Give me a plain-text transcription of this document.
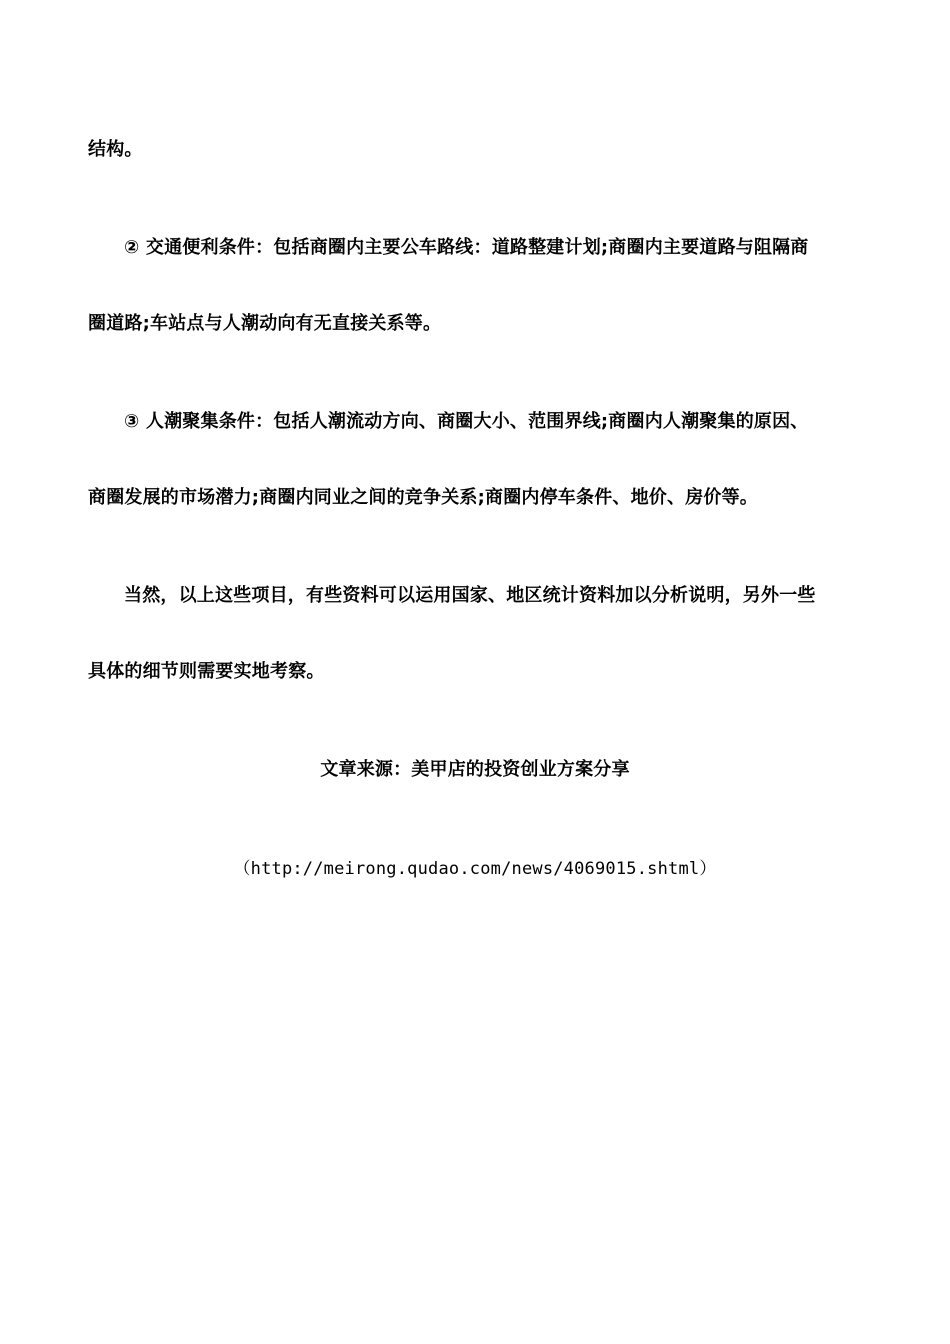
结构。
② 交通便利条件：包括商圈内主要公车路线：道路整建计划;商圈内主要道路与阻隔商
圈道路;车站点与人潮动向有无直接关系等。
③ 人潮聚集条件：包括人潮流动方向、商圈大小、范围界线;商圈内人潮聚集的原因、
商圈发展的市场潜力;商圈内同业之间的竞争关系;商圈内停车条件、地价、房价等。
当然，以上这些项目，有些资料可以运用国家、地区统计资料加以分析说明，另外一些
具体的细节则需要实地考察。
文章来源：美甲店的投资创业方案分享
（http://meirong.qudao.com/news/4069015.shtml）
